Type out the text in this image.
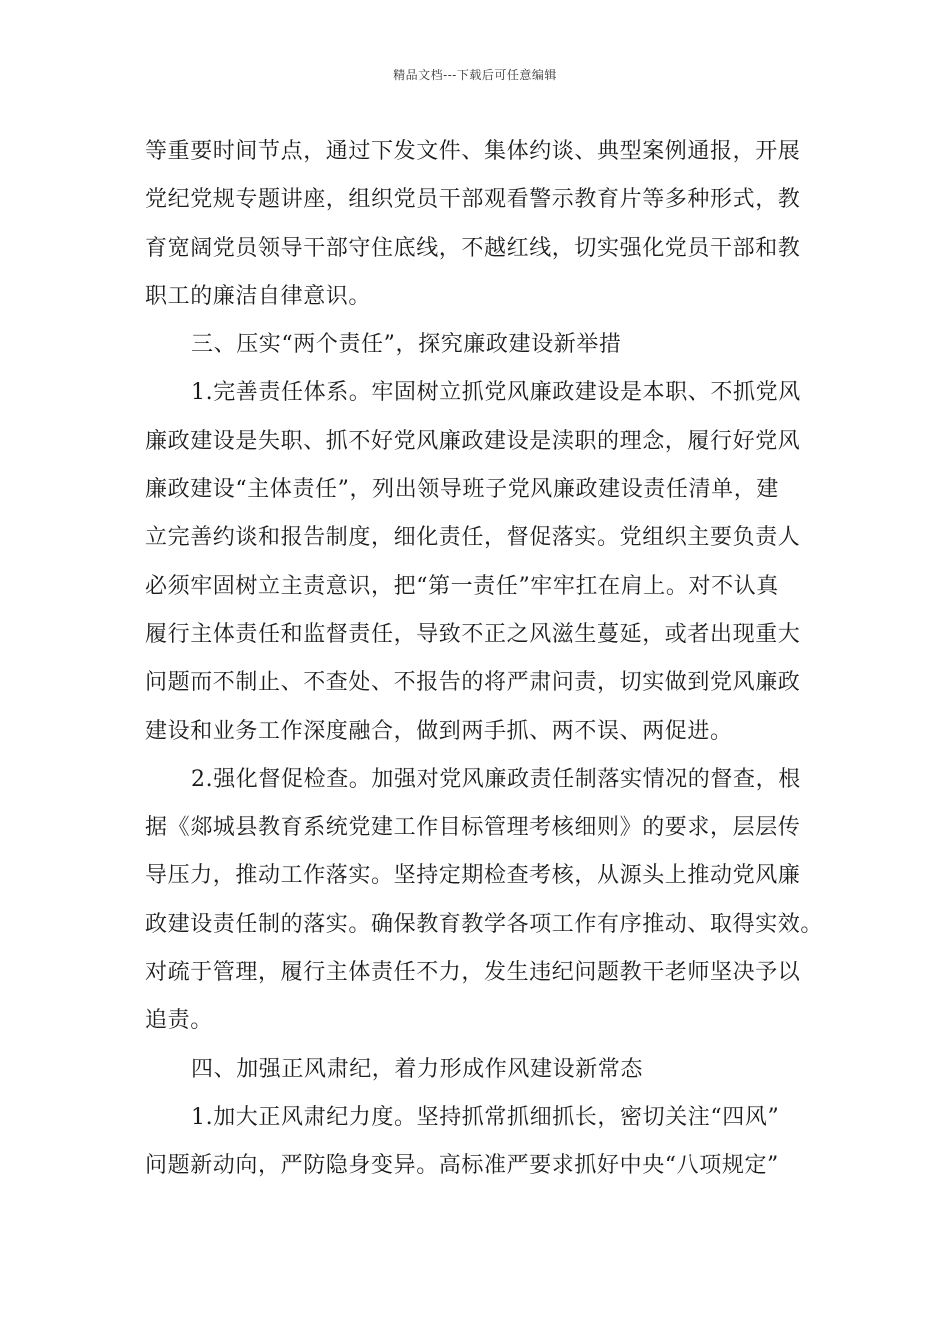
精品文档---下载后可任意编辑
等重要时间节点，通过下发文件、集体约谈、典型案例通报，开展
党纪党规专题讲座，组织党员干部观看警示教育片等多种形式，教
育宽阔党员领导干部守住底线，不越红线，切实强化党员干部和教
职工的廉洁自律意识。
三、压实“两个责任”，探究廉政建设新举措
1.完善责任体系。牢固树立抓党风廉政建设是本职、不抓党风
廉政建设是失职、抓不好党风廉政建设是渎职的理念，履行好党风
廉政建设“主体责任”，列出领导班子党风廉政建设责任清单，建
立完善约谈和报告制度，细化责任，督促落实。党组织主要负责人
必须牢固树立主责意识，把“第一责任”牢牢扛在肩上。对不认真
履行主体责任和监督责任，导致不正之风滋生蔓延，或者出现重大
问题而不制止、不查处、不报告的将严肃问责，切实做到党风廉政
建设和业务工作深度融合，做到两手抓、两不误、两促进。
2.强化督促检查。加强对党风廉政责任制落实情况的督查，根
据《郯城县教育系统党建工作目标管理考核细则》的要求，层层传
导压力，推动工作落实。坚持定期检查考核，从源头上推动党风廉
政建设责任制的落实。确保教育教学各项工作有序推动、取得实效。
对疏于管理，履行主体责任不力，发生违纪问题教干老师坚决予以
追责。
四、加强正风肃纪，着力形成作风建设新常态
1.加大正风肃纪力度。坚持抓常抓细抓长，密切关注“四风”
问题新动向，严防隐身变异。高标准严要求抓好中央“八项规定”
